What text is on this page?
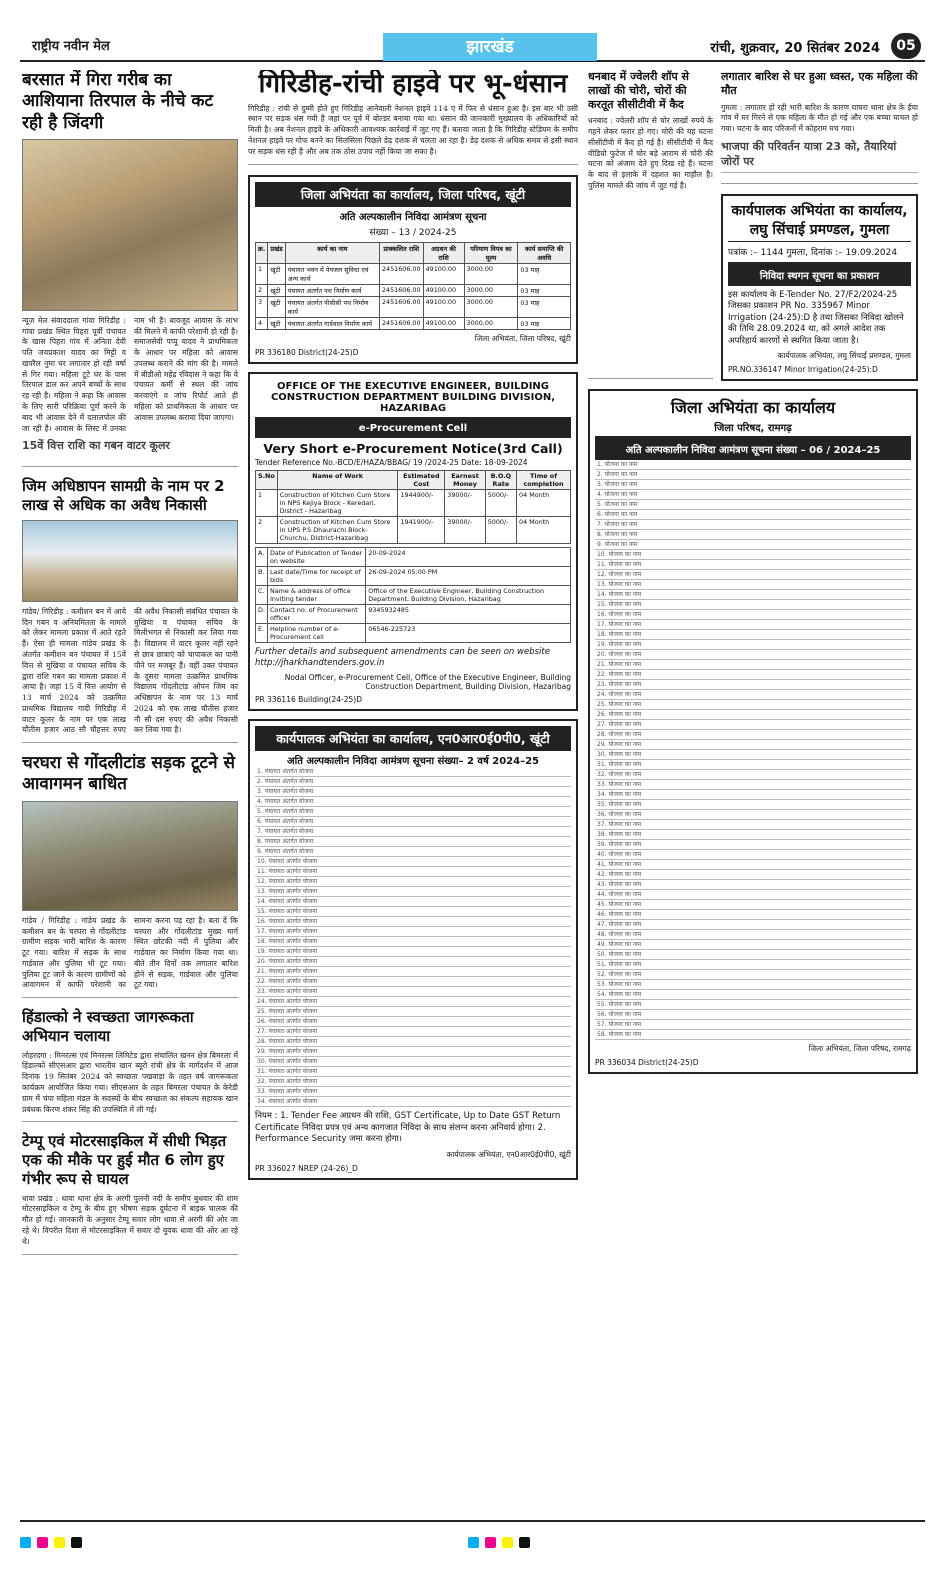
राष्ट्रीय नवीन मेल	झारखंड	रांची, शुक्रवार, 20 सितंबर 2024	05
बरसात में गिरा गरीब का आशियाना तिरपाल के नीचे कट रही है जिंदगी
न्यूज़ मेल संवाददाता गांवा गिरिडीह : गांवा प्रखंड स्थित पिहरा पूर्वी पंचायत के खास पिहरा गांव में अनिता देवी पति जयप्रकाश यादव का मिट्टी व खपरैल नुमा घर लगातार हो रही वर्षा से गिर गया। महिला टूटे घर के पास तिरपाल डाल कर अपने बच्चों के साथ रह रही है। महिला ने कहा कि आवास के लिए सारी परिक्रिया पूर्ण करने के बाद भी आवास देने में दलालपोल की जा रही है। आवास के लिस्ट में उनका नाम भी है। बावजूद आवास के लाभ की मिलने में काफी परेशानी हो रही है। समाजसेवी पप्पू यादव ने प्राथमिकता के आधार पर महिला को आवास उपलब्ध कराने की मांग की है। मामले में बीडीओ महेंद्र रविदास ने कहा कि वे पंचायत कर्मी से स्थल की जांच करवाएंगे व जांच रिपोर्ट आते ही महिला को प्राथमिकता के आधार पर आवास उपलब्ध कराया दिया जाएगा।
15वें वित्त राशि का गबन वाटर कूलर
जिम अधिष्ठापन सामग्री के नाम पर 2 लाख से अधिक का अवैध निकासी
गांडेय/ गिरिडीह : कमीशन बन में आये दिन गबन व अनियमितता के मामले को लेकर मामला प्रकाश में आते रहते हैं। ऐसा ही मामला गांडेय प्रखंड के अंतर्गत कमीशन बन पंचायत में 15वें वित्त से मुखिया व पंचायत सचिव के द्वारा राशि गबन का मामला प्रकाश में आया है। जहां 15 वें वित्त आयोग से 13 मार्च 2024 को उत्क्रमित प्राथमिक विद्यालय गादी गिरिडीह में वाटर कूलर के नाम पर एक लाख चौतीस हजार आठ सौ चौहत्तर रुपए की अवैध निकासी संबंधित पंचायत के मुखिया व पंचायत सचिव के मिलीभगत से निकासी कर लिया गया है। विद्यालय में वाटर कूलर नहीं रहने से छात्र छात्राएं को चापाकल का पानी पीने पर मजबूर हैं। वहीं उक्त पंचायत के दूसरा मामला उत्क्रमित प्राथमिक विद्यालय गोंदलीटांड ओपन जिम का अधिष्ठापन के नाम पर 13 मार्च 2024 को एक लाख चौतीस हजार नौ सौ दस रुपए की अवैध निकासी कर लिया गया है।
चरघरा से गोंदलीटांड सड़क टूटने से आवागमन बाधित
गांडेय / गिरिडीह : गांडेय प्रखंड के कमीशन बन के चरघरा से गोंदलीटांड ग्रामीण सड़क भारी बारिश के कारण टूट गया। बारिश में सड़क के साथ गार्डवाल और पुलिया भी टूट गया। पुलिया टूट जाने के कारण ग्रामीणों को आवागमन में काफी परेशानी का सामना करना पड़ रहा है। बता दें कि चरघरा और गोंदलीटांड मुख्य मार्ग स्थित छोटकी नदी में पुलिया और गार्डवाल का निर्माण किया गया था। बीते तीन दिनों तक लगातार बारिश होने से सड़क, गार्डवाल और पुलिया टूट गया।
हिंडाल्को ने स्वच्छता जागरूकता अभियान चलाया
लोहरदगा : मिनरल्स एवं मिनरल्स लिमिटेड द्वारा संचालित खनन क्षेत्र बिमरला में हिंडाल्को सीएसआर द्वारा भारतीय खान ब्यूरो रांची क्षेत्र के मार्गदर्शन में आज दिनांक 19 सितंबर 2024 को स्वच्छता पखवाड़ा के तहत वर्ष जागरूकता कार्यक्रम आयोजित किया गया। सीएसआर के तहत बिमरला पंचायत के केरेडी ग्राम में चंपा महिला मंडल के सदस्यों के बीच स्वच्छता का संकल्प सहायक खान प्रबंधक किरण शंकर सिंह की उपस्थिति में ली गई।
टेम्पू एवं मोटरसाइकिल में सीधी भिड़त एक की मौके पर हुई मौत 6 लोग हुए गंभीर रूप से घायल
धावा प्रखंड : धावा थाना क्षेत्र के अरगी पुलनी नदी के समीप बुधवार की शाम मोटरसाइकिल व टेम्पू के बीच हुए भीषण सड़क दुर्घटना में बाइक चालक की मौत हो गई। जानकारी के अनुसार टेम्पू सवार लोग धावा से अरगी की ओर जा रहे थे। विपरीत दिशा से मोटरसाइकिल में सवार दो युवक धावा की ओर आ रहे थे।
गिरिडीह-रांची हाइवे पर भू-धंसान
गिरिडीह : रांची से दुम्मी होते हुए गिरिडीह आनेवाली नेशनल हाइवे 114 ए में फिर से धंसान हुआ है। इस बार भी उसी स्थान पर सड़क धंस गयी है जहां पर पूर्व में बोल्डर बनाया गया था। धंसान की जानकारी मुख्यालय के अधिकारियों को मिली है। अब नेशनल हाइवे के अधिकारी आवश्यक कार्रवाई में जुट गए हैं। बताया जाता है कि गिरिडीह स्टेडियम के समीप नेशनल हाइवे पर गोफ बनने का सिलसिला पिछले डेढ़ दशक से चलता आ रहा है। डेढ़ दशक से अधिक समय से इसी स्थान पर सड़क धंस रही है और अब तक ठोस उपाय नहीं किया जा सका है।
जिला अभियंता का कार्यालय, जिला परिषद, खूंटी
अति अल्पकालीन निविदा आमंत्रण सूचना
संख्या – 13 / 2024-25
क्र.	प्रखंड	कार्य का नाम	प्राक्कलित राशि	अग्रधन की राशि	परिमाण विपत्र का मूल्य	कार्य समाप्ति की अवधि
1	खूंटी	पंचायत भवन में पेयजल सुविधा एवं अन्य कार्य	2451606.00	49100.00	3000.00	03 माह
2	खूंटी	पंचायत अंतर्गत पथ निर्माण कार्य	2451606.00	49100.00	3000.00	03 माह
3	खूंटी	पंचायत अंतर्गत पीसीसी पथ निर्माण कार्य	2451606.00	49100.00	3000.00	03 माह
4	खूंटी	पंचायत अंतर्गत गार्डवाल निर्माण कार्य	2451606.00	49100.00	3000.00	03 माह
जिला अभियंता, जिला परिषद, खूंटी
PR 336180 District(24-25)D
OFFICE OF THE EXECUTIVE ENGINEER, BUILDING CONSTRUCTION DEPARTMENT BUILDING DIVISION, HAZARIBAG
e-Procurement Cell
Very Short e-Procurement Notice(3rd Call)
Tender Reference No.-BCD/E/HAZA/BBAG/ 19 /2024-25 Date: 18-09-2024
S.No	Name of Work	Estimated Cost	Earnest Money	B.O.Q Rate	Time of completion
1	Construction of Kitchen Cum Store in NPS Kejiya Block - Keredari, District - Hazaribag	1944900/-	39000/-	5000/-	04 Month
2	Construction of Kitchen Cum Store in UPS P.S Dhaurachi Block-Churchu, District-Hazaribag	1941900/-	39000/-	5000/-	04 Month
A.	Date of Publication of Tender on website	20-09-2024
B.	Last date/Time for receipt of bids	26-09-2024 05:00 PM
C.	Name & address of office Inviting tender	Office of the Executive Engineer, Building Construction Department, Building Division, Hazaribag
D.	Contact no. of Procurement officer	9345932485
E.	Helpline number of e-Procurement cell	06546-225723
Further details and subsequent amendments can be seen on website http://jharkhandtenders.gov.in
Nodal Officer, e-Procurement Cell, Office of the Executive Engineer, Building Construction Department, Building Division, Hazaribag
PR 336116 Building(24-25)D
कार्यपालक अभियंता का कार्यालय, एन0आर0ई0पी0, खूंटी
अति अल्पकालीन निविदा आमंत्रण सूचना संख्या– 2 वर्ष 2024–25
1. पंचायत अंतर्गत योजना
2. पंचायत अंतर्गत योजना
3. पंचायत अंतर्गत योजना
4. पंचायत अंतर्गत योजना
5. पंचायत अंतर्गत योजना
6. पंचायत अंतर्गत योजना
7. पंचायत अंतर्गत योजना
8. पंचायत अंतर्गत योजना
9. पंचायत अंतर्गत योजना
10. पंचायत अंतर्गत योजना
11. पंचायत अंतर्गत योजना
12. पंचायत अंतर्गत योजना
13. पंचायत अंतर्गत योजना
14. पंचायत अंतर्गत योजना
15. पंचायत अंतर्गत योजना
16. पंचायत अंतर्गत योजना
17. पंचायत अंतर्गत योजना
18. पंचायत अंतर्गत योजना
19. पंचायत अंतर्गत योजना
20. पंचायत अंतर्गत योजना
21. पंचायत अंतर्गत योजना
22. पंचायत अंतर्गत योजना
23. पंचायत अंतर्गत योजना
24. पंचायत अंतर्गत योजना
25. पंचायत अंतर्गत योजना
26. पंचायत अंतर्गत योजना
27. पंचायत अंतर्गत योजना
28. पंचायत अंतर्गत योजना
29. पंचायत अंतर्गत योजना
30. पंचायत अंतर्गत योजना
31. पंचायत अंतर्गत योजना
32. पंचायत अंतर्गत योजना
33. पंचायत अंतर्गत योजना
34. पंचायत अंतर्गत योजना
नियम : 1. Tender Fee अग्रधन की राशि, GST Certificate, Up to Date GST Return Certificate निविदा प्रपत्र एवं अन्य कागजात निविदा के साथ संलग्न करना अनिवार्य होगा। 2. Performance Security जमा करना होगा।
कार्यपालक अभियंता, एन0आर0ई0पी0, खूंटी
PR 336027 NREP (24-26)_D
धनबाद में ज्वेलरी शॉप से लाखों की चोरी, चोरों की करतूत सीसीटीवी में कैद
धनबाद : ज्वेलरी शॉप से चोर लाखों रुपये के गहने लेकर फरार हो गए। चोरी की यह घटना सीसीटीवी में कैद हो गई है। सीसीटीवी में कैद वीडियो फुटेज में चोर बड़े आराम से चोरी की घटना को अंजाम देते हुए दिख रहे हैं। घटना के बाद से इलाके में दहशत का माहौल है। पुलिस मामले की जांच में जुट गई है।
लगातार बारिश से घर हुआ ध्वस्त, एक महिला की मौत
गुमला : लगातार हो रही भारी बारिश के कारण घाघरा थाना क्षेत्र के ईंचा गांव में घर गिरने से एक महिला के मौत हो गई और एक बच्चा घायल हो गया। घटना के बाद परिजनों में कोहराम मच गया।
भाजपा की परिवर्तन यात्रा 23 को, तैयारियां जोरों पर
कार्यपालक अभियंता का कार्यालय, लघु सिंचाई प्रमण्डल, गुमला
पत्रांक :– 1144 गुमला, दिनांक :– 19.09.2024
निविदा स्थगन सूचना का प्रकाशन
इस कार्यालय के E-Tender No. 27/F2/2024-25 जिसका प्रकाशन PR No. 335967 Minor Irrigation (24-25):D है तथा जिसका निविदा खोलने की तिथि 28.09.2024 था, को अगले आदेश तक अपरिहार्य कारणों से स्थगित किया जाता है।
कार्यपालक अभियंता, लघु सिंचाई प्रमण्डल, गुमला
PR.NO.336147 Minor Irrigation(24-25):D
जिला अभियंता का कार्यालय
जिला परिषद, रामगढ़
अति अल्पकालीन निविदा आमंत्रण सूचना संख्या – 06 / 2024–25
1. योजना का नाम
2. योजना का नाम
3. योजना का नाम
4. योजना का नाम
5. योजना का नाम
6. योजना का नाम
7. योजना का नाम
8. योजना का नाम
9. योजना का नाम
10. योजना का नाम
11. योजना का नाम
12. योजना का नाम
13. योजना का नाम
14. योजना का नाम
15. योजना का नाम
16. योजना का नाम
17. योजना का नाम
18. योजना का नाम
19. योजना का नाम
20. योजना का नाम
21. योजना का नाम
22. योजना का नाम
23. योजना का नाम
24. योजना का नाम
25. योजना का नाम
26. योजना का नाम
27. योजना का नाम
28. योजना का नाम
29. योजना का नाम
30. योजना का नाम
31. योजना का नाम
32. योजना का नाम
33. योजना का नाम
34. योजना का नाम
35. योजना का नाम
36. योजना का नाम
37. योजना का नाम
38. योजना का नाम
39. योजना का नाम
40. योजना का नाम
41. योजना का नाम
42. योजना का नाम
43. योजना का नाम
44. योजना का नाम
45. योजना का नाम
46. योजना का नाम
47. योजना का नाम
48. योजना का नाम
49. योजना का नाम
50. योजना का नाम
51. योजना का नाम
52. योजना का नाम
53. योजना का नाम
54. योजना का नाम
55. योजना का नाम
56. योजना का नाम
57. योजना का नाम
58. योजना का नाम
जिला अभियंता, जिला परिषद, रामगढ़
PR 336034 District(24-25)D
